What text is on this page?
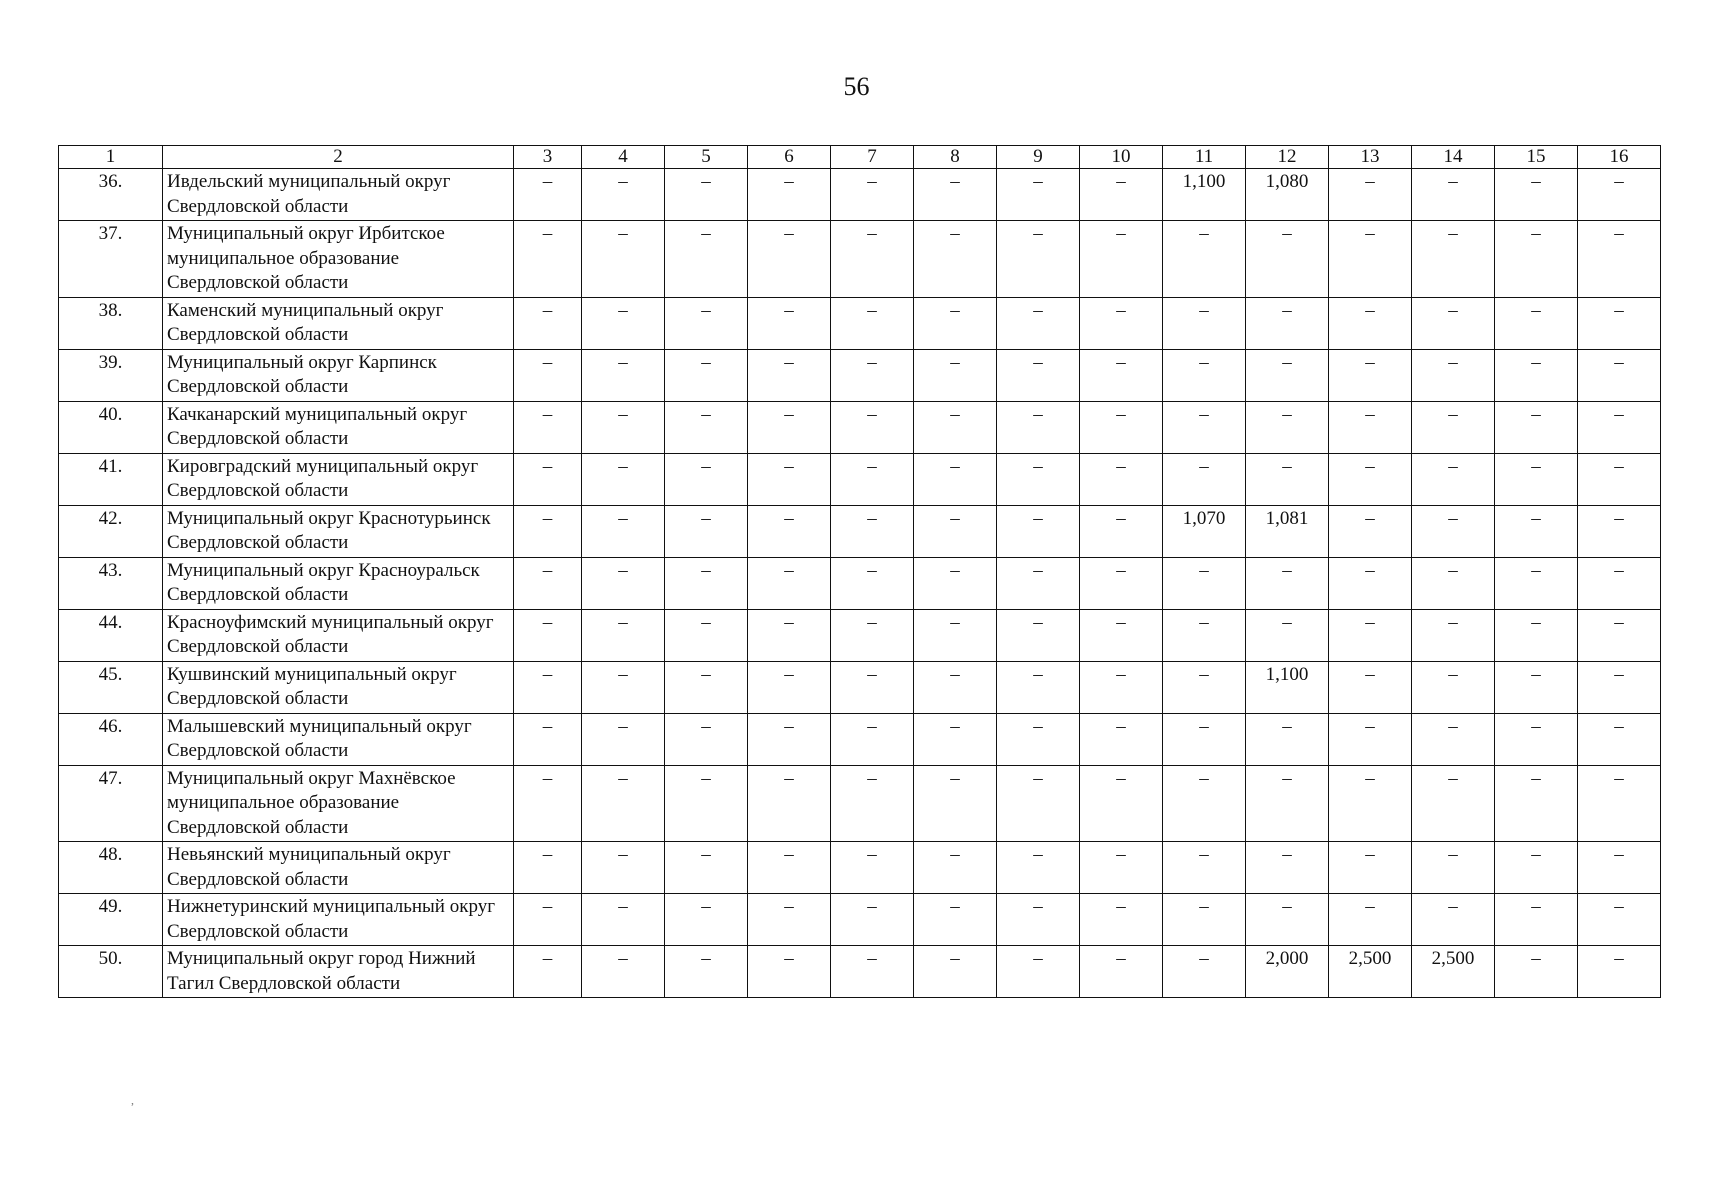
56
1	2	3	4	5	6	7	8	9	10	11	12	13	14	15	16
36.	Ивдельский муниципальный округ Свердловской области	–	–	–	–	–	–	–	–	1,100	1,080	–	–	–	–
37.	Муниципальный округ Ирбитское муниципальное образование Свердловской области	–	–	–	–	–	–	–	–	–	–	–	–	–	–
38.	Каменский муниципальный округ Свердловской области	–	–	–	–	–	–	–	–	–	–	–	–	–	–
39.	Муниципальный округ Карпинск Свердловской области	–	–	–	–	–	–	–	–	–	–	–	–	–	–
40.	Качканарский муниципальный округ Свердловской области	–	–	–	–	–	–	–	–	–	–	–	–	–	–
41.	Кировградский муниципальный округ Свердловской области	–	–	–	–	–	–	–	–	–	–	–	–	–	–
42.	Муниципальный округ Краснотурьинск Свердловской области	–	–	–	–	–	–	–	–	1,070	1,081	–	–	–	–
43.	Муниципальный округ Красноуральск Свердловской области	–	–	–	–	–	–	–	–	–	–	–	–	–	–
44.	Красноуфимский муниципальный округ Свердловской области	–	–	–	–	–	–	–	–	–	–	–	–	–	–
45.	Кушвинский муниципальный округ Свердловской области	–	–	–	–	–	–	–	–	–	1,100	–	–	–	–
46.	Малышевский муниципальный округ Свердловской области	–	–	–	–	–	–	–	–	–	–	–	–	–	–
47.	Муниципальный округ Махнёвское муниципальное образование Свердловской области	–	–	–	–	–	–	–	–	–	–	–	–	–	–
48.	Невьянский муниципальный округ Свердловской области	–	–	–	–	–	–	–	–	–	–	–	–	–	–
49.	Нижнетуринский муниципальный округ Свердловской области	–	–	–	–	–	–	–	–	–	–	–	–	–	–
50.	Муниципальный округ город Нижний Тагил Свердловской области	–	–	–	–	–	–	–	–	–	2,000	2,500	2,500	–	–
,
